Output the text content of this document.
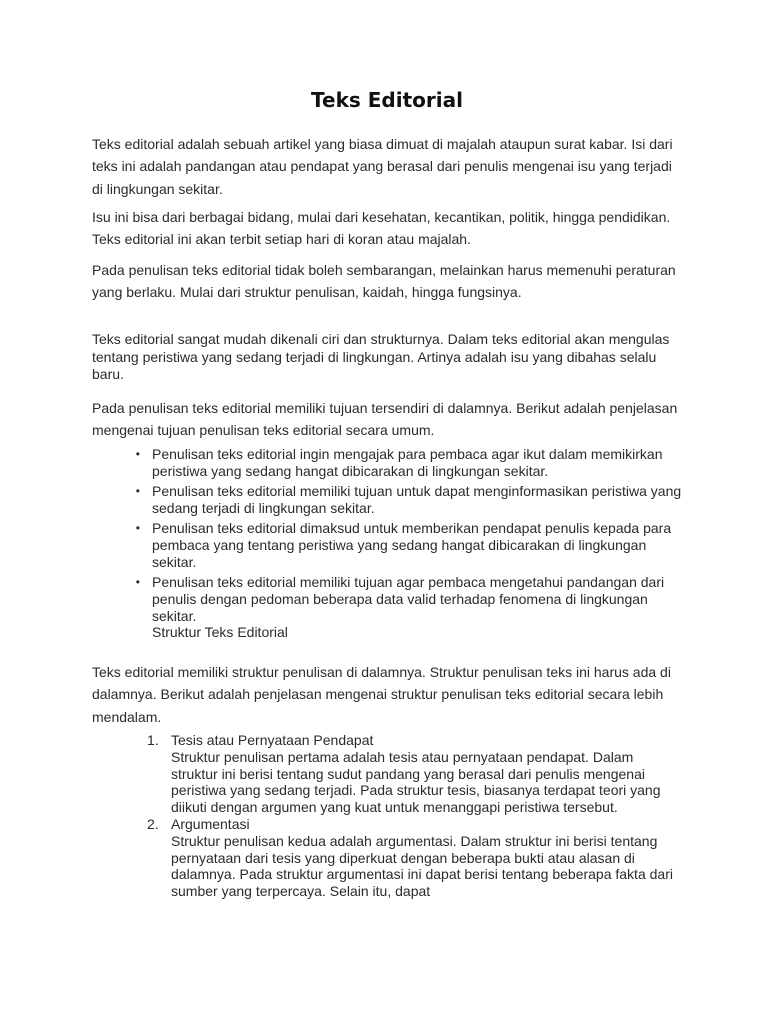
Teks Editorial

Teks editorial adalah sebuah artikel yang biasa dimuat di majalah ataupun surat kabar. Isi dari teks ini adalah pandangan atau pendapat yang berasal dari penulis mengenai isu yang terjadi di lingkungan sekitar.

Isu ini bisa dari berbagai bidang, mulai dari kesehatan, kecantikan, politik, hingga pendidikan. Teks editorial ini akan terbit setiap hari di koran atau majalah.

Pada penulisan teks editorial tidak boleh sembarangan, melainkan harus memenuhi peraturan yang berlaku. Mulai dari struktur penulisan, kaidah, hingga fungsinya.

Teks editorial sangat mudah dikenali ciri dan strukturnya. Dalam teks editorial akan mengulas tentang peristiwa yang sedang terjadi di lingkungan. Artinya adalah isu yang dibahas selalu baru.

Pada penulisan teks editorial memiliki tujuan tersendiri di dalamnya. Berikut adalah penjelasan mengenai tujuan penulisan teks editorial secara umum.

• Penulisan teks editorial ingin mengajak para pembaca agar ikut dalam memikirkan peristiwa yang sedang hangat dibicarakan di lingkungan sekitar.
• Penulisan teks editorial memiliki tujuan untuk dapat menginformasikan peristiwa yang sedang terjadi di lingkungan sekitar.
• Penulisan teks editorial dimaksud untuk memberikan pendapat penulis kepada para pembaca yang tentang peristiwa yang sedang hangat dibicarakan di lingkungan sekitar.
• Penulisan teks editorial memiliki tujuan agar pembaca mengetahui pandangan dari penulis dengan pedoman beberapa data valid terhadap fenomena di lingkungan sekitar.
Struktur Teks Editorial

Teks editorial memiliki struktur penulisan di dalamnya. Struktur penulisan teks ini harus ada di dalamnya. Berikut adalah penjelasan mengenai struktur penulisan teks editorial secara lebih mendalam.

1. Tesis atau Pernyataan Pendapat
Struktur penulisan pertama adalah tesis atau pernyataan pendapat. Dalam struktur ini berisi tentang sudut pandang yang berasal dari penulis mengenai peristiwa yang sedang terjadi. Pada struktur tesis, biasanya terdapat teori yang diikuti dengan argumen yang kuat untuk menanggapi peristiwa tersebut.
2. Argumentasi
Struktur penulisan kedua adalah argumentasi. Dalam struktur ini berisi tentang pernyataan dari tesis yang diperkuat dengan beberapa bukti atau alasan di dalamnya. Pada struktur argumentasi ini dapat berisi tentang beberapa fakta dari sumber yang terpercaya. Selain itu, dapat
